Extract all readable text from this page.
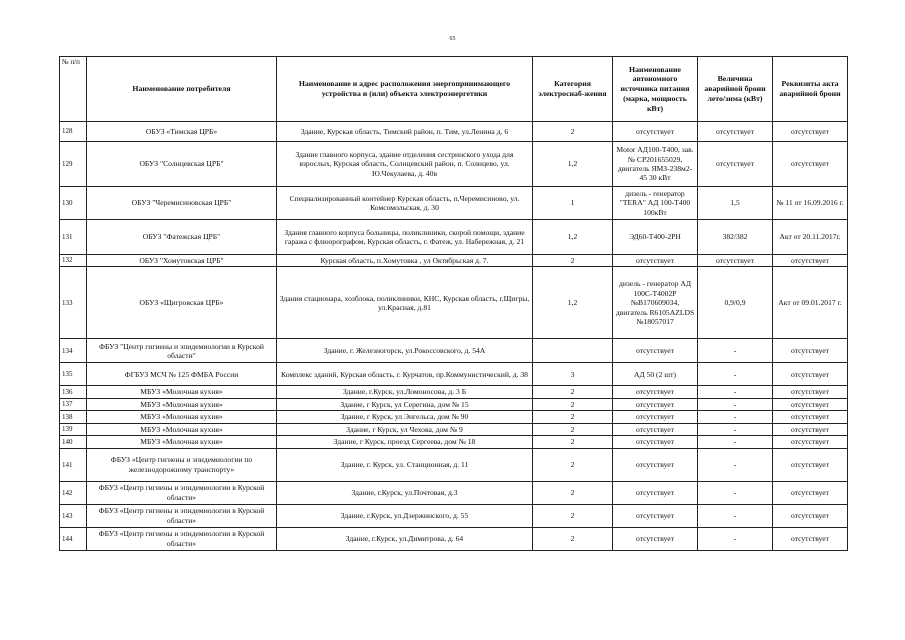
65
№ п/п	Наименование потребителя	Наименование и адрес расположения энергопринимающего устройства и (или) объекта электроэнергетики	Категория электроснаб-жения	Наименование автономного источника питания (марка, мощность кВт)	Величина аварийной брони лето/зима (кВт)	Реквизиты акта аварийной брони
128	ОБУЗ «Тимская ЦРБ»	Здание, Курская область, Тимский район, п. Тим, ул.Ленина д. 6	2	отсутствует	отсутствует	отсутствует
129	ОБУЗ "Солнцевская ЦРБ"	Здание главного корпуса, здание отделения сестринского ухода для взрослых, Курская область, Солнцевский район, п. Солнцево, ул. Ю.Чекулаева, д. 40в	1,2	Motor АД100-Т400, зав. № CP201655029, двигатель ЯМЗ-238м2-45 30 кВт	отсутствует	отсутствует
130	ОБУЗ "Черемисиновская ЦРБ"	Специализированный контейнер Курская область, п.Черемисиново, ул. Комсомольская, д. 30	1	дизель - генератор "TERA" АД 100-Т400 100кВт	1,5	№ 11 от 16.09.2016 г.
131	ОБУЗ "Фатежская ЦРБ"	Здания главного корпуса больницы, поликлиники, скорой помощи, здание гаража с флюорографом, Курская область, г. Фатеж, ул. Набережная, д. 21	1,2	ЭД60-Т400-2РН	382/382	Акт от 20.11.2017г.
132	ОБУЗ "Хомутовская ЦРБ"	Курская область, п.Хомутовка , ул Октябрьская д. 7.	2	отсутствует	отсутствует	отсутствует
133	ОБУЗ «Щигровская ЦРБ»	Здания стационара, хозблока, поликлиники, КНС, Курская область, г.Щигры, ул.Красная, д.81	1,2	дизель - генератор АД 100С-Т4002Р №В170609034, двигатель R6105AZLDS №18057017	0,9/0,9	Акт от 09.01.2017 г.
134	ФБУЗ "Центр гигиены и эпидемиологии в Курской области"	Здание, г. Железногорск, ул.Рокоссовского, д. 54А		отсутствует	-	отсутствует
135	ФГБУЗ МСЧ № 125 ФМБА России	Комплекс зданий, Курская область, г. Курчатов, пр.Коммунистический, д. 38	3	АД 50 (2 шт)	-	отсутствует
136	МБУЗ «Молочная кухня»	Здание, г.Курск, ул.Ломоносова, д. 3 Б	2	отсутствует	-	отсутствует
137	МБУЗ «Молочная кухня»	Здание, г Курск, ул Серегина, дом № 15	2	отсутствует	-	отсутствует
138	МБУЗ «Молочная кухня»	Здание, г Курск, ул Энгельса, дом № 90	2	отсутствует	-	отсутствует
139	МБУЗ «Молочная кухня»	Здание, г Курск, ул Чехова, дом № 9	2	отсутствует	-	отсутствует
140	МБУЗ «Молочная кухня»	Здание, г Курск, проезд Сергеева, дом № 18	2	отсутствует	-	отсутствует
141	ФБУЗ «Центр гигиены и эпидемиологии по железнодорожному транспорту»	Здание, г. Курск, ул. Станционная, д. 11	2	отсутствует	-	отсутствует
142	ФБУЗ «Центр гигиены и эпидемиологии в Курской области»	Здание, г.Курск, ул.Почтовая, д.3	2	отсутствует	-	отсутствует
143	ФБУЗ «Центр гигиены и эпидемиологии в Курской области»	Здание, г.Курск, ул.Дзержинского, д. 55	2	отсутствует	-	отсутствует
144	ФБУЗ «Центр гигиены и эпидемиологии в Курской области»	Здание, г.Курск, ул.Димитрова, д. 64	2	отсутствует	-	отсутствует
